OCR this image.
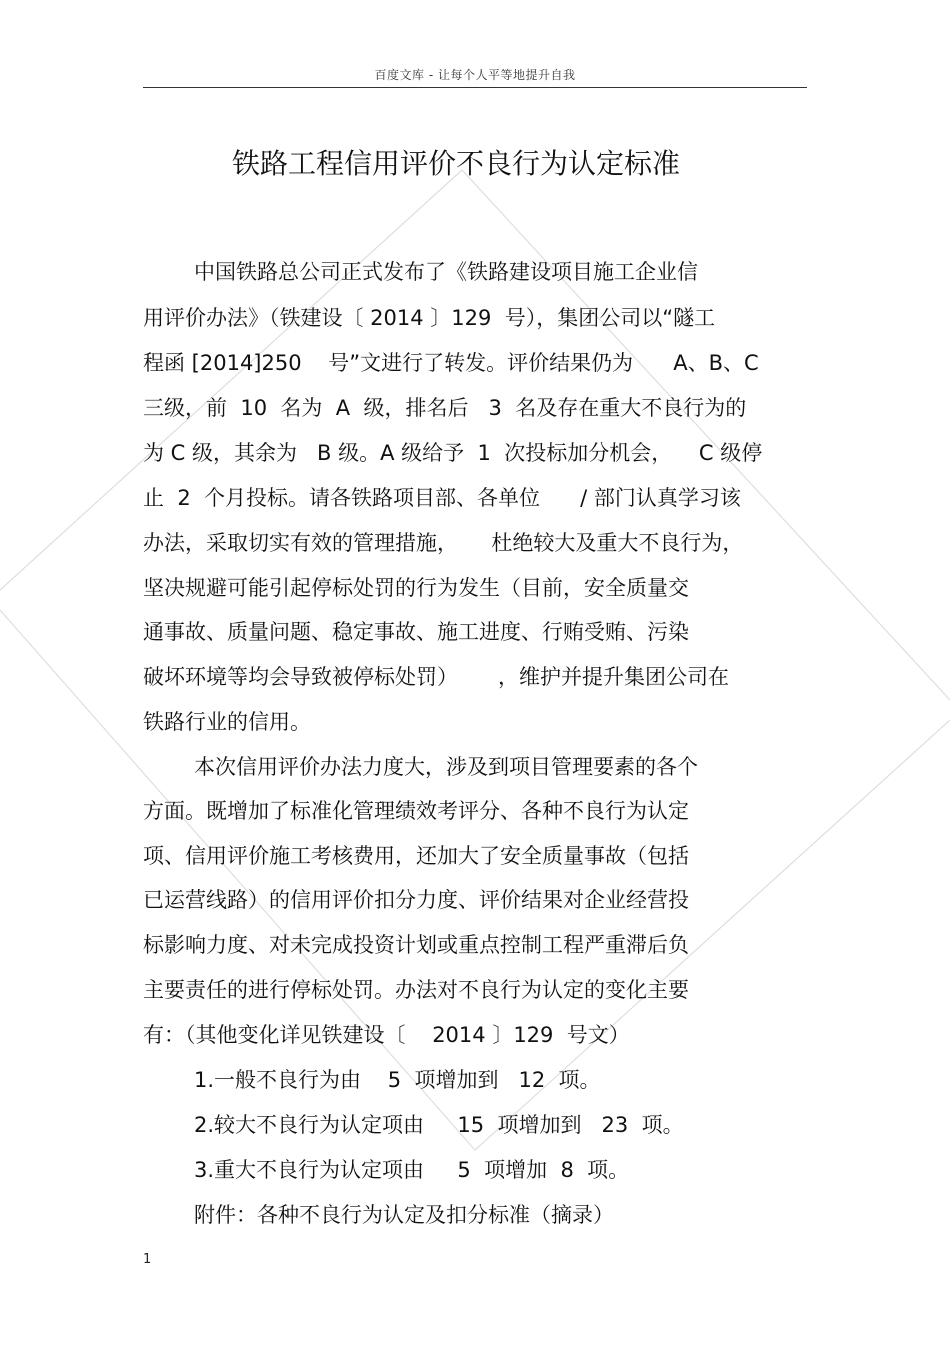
百度文库 - 让每个人平等地提升自我
铁路工程信用评价不良行为认定标准
中国铁路总公司正式发布了《铁路建设项目施工企业信
用评价办法》（铁建设〔 2014 〕129  号），集团公司以“隧工
程函 [2014]250    号”文进行了转发。评价结果仍为      A、B、C
三级，前  10  名为  A  级，排名后   3  名及存在重大不良行为的
为 C 级，其余为   B 级。A 级给予  1  次投标加分机会，    C 级停
止  2  个月投标。请各铁路项目部、各单位      / 部门认真学习该
办法，采取切实有效的管理措施，     杜绝较大及重大不良行为，
坚决规避可能引起停标处罚的行为发生（目前，安全质量交
通事故、质量问题、稳定事故、施工进度、行贿受贿、污染
破坏环境等均会导致被停标处罚）      ，维护并提升集团公司在
铁路行业的信用。
本次信用评价办法力度大，涉及到项目管理要素的各个
方面。既增加了标准化管理绩效考评分、各种不良行为认定
项、信用评价施工考核费用，还加大了安全质量事故（包括
已运营线路）的信用评价扣分力度、评价结果对企业经营投
标影响力度、对未完成投资计划或重点控制工程严重滞后负
主要责任的进行停标处罚。办法对不良行为认定的变化主要
有：（其他变化详见铁建设〔    2014 〕129  号文）
1.一般不良行为由    5  项增加到   12  项。
2.较大不良行为认定项由     15  项增加到   23  项。
3.重大不良行为认定项由     5  项增加  8  项。
附件：各种不良行为认定及扣分标准（摘录）
1
